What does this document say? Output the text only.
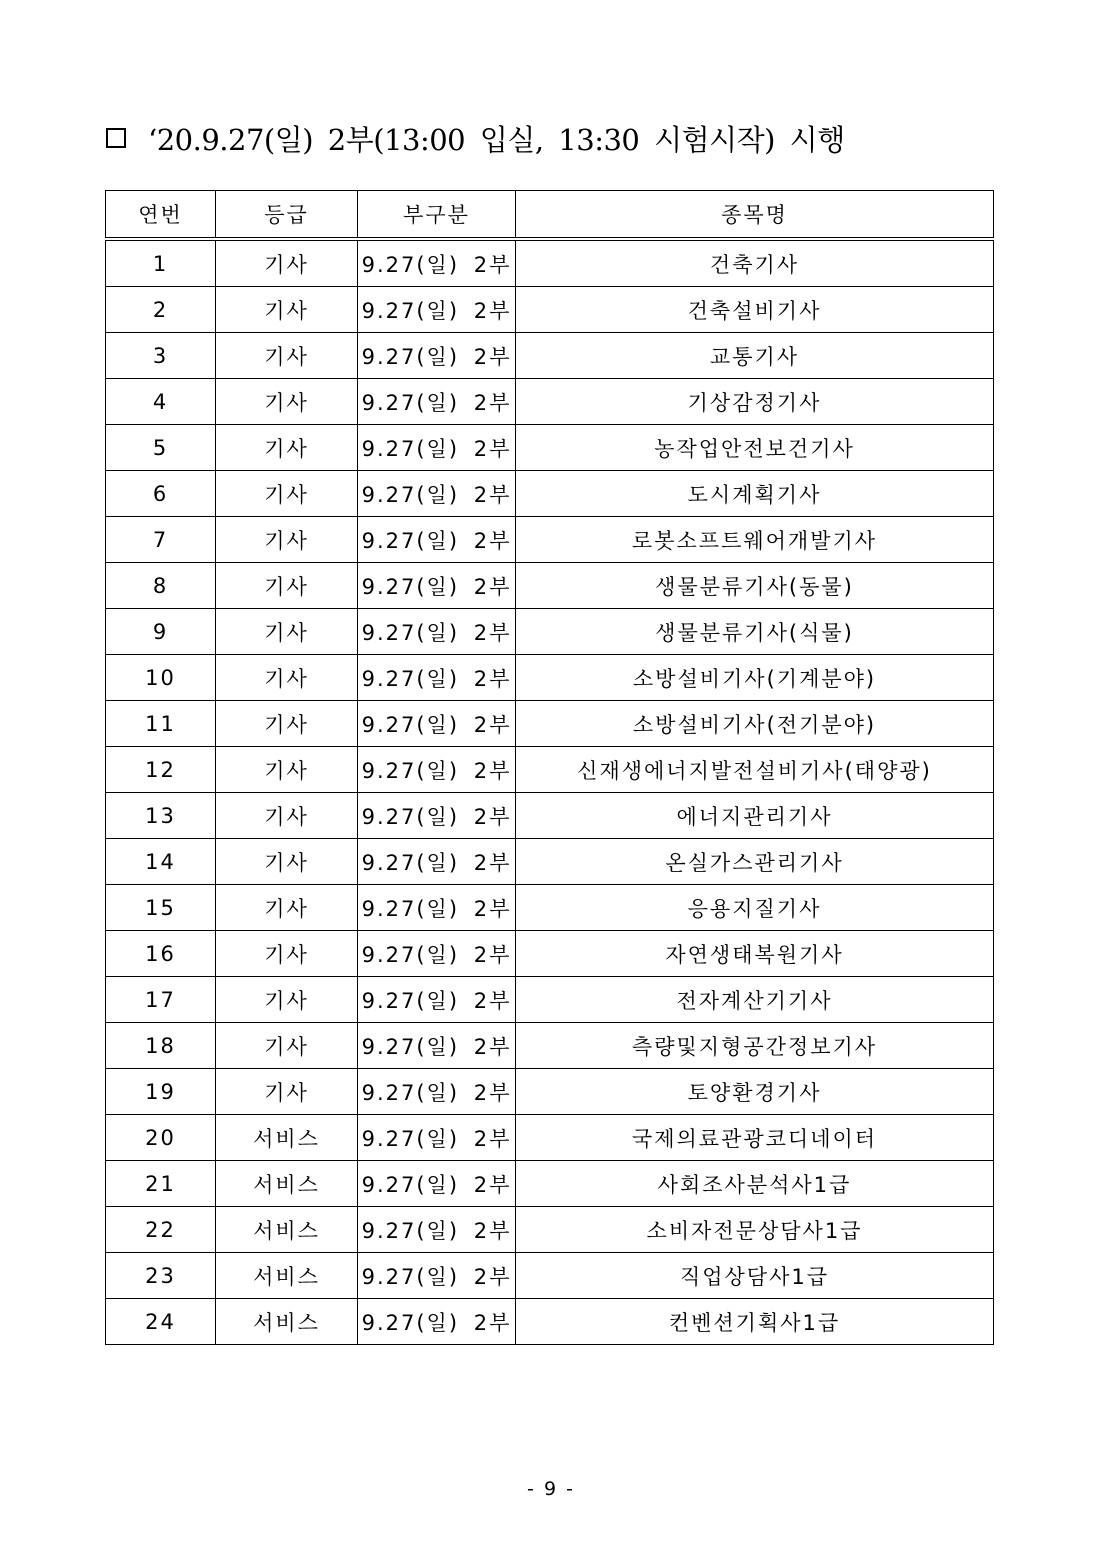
‘20.9.27(일) 2부(13:00 입실, 13:30 시험시작) 시행
연번	등급	부구분	종목명
1	기사	9.27(일) 2부	건축기사
2	기사	9.27(일) 2부	건축설비기사
3	기사	9.27(일) 2부	교통기사
4	기사	9.27(일) 2부	기상감정기사
5	기사	9.27(일) 2부	농작업안전보건기사
6	기사	9.27(일) 2부	도시계획기사
7	기사	9.27(일) 2부	로봇소프트웨어개발기사
8	기사	9.27(일) 2부	생물분류기사(동물)
9	기사	9.27(일) 2부	생물분류기사(식물)
10	기사	9.27(일) 2부	소방설비기사(기계분야)
11	기사	9.27(일) 2부	소방설비기사(전기분야)
12	기사	9.27(일) 2부	신재생에너지발전설비기사(태양광)
13	기사	9.27(일) 2부	에너지관리기사
14	기사	9.27(일) 2부	온실가스관리기사
15	기사	9.27(일) 2부	응용지질기사
16	기사	9.27(일) 2부	자연생태복원기사
17	기사	9.27(일) 2부	전자계산기기사
18	기사	9.27(일) 2부	측량및지형공간정보기사
19	기사	9.27(일) 2부	토양환경기사
20	서비스	9.27(일) 2부	국제의료관광코디네이터
21	서비스	9.27(일) 2부	사회조사분석사1급
22	서비스	9.27(일) 2부	소비자전문상담사1급
23	서비스	9.27(일) 2부	직업상담사1급
24	서비스	9.27(일) 2부	컨벤션기획사1급
- 9 -
